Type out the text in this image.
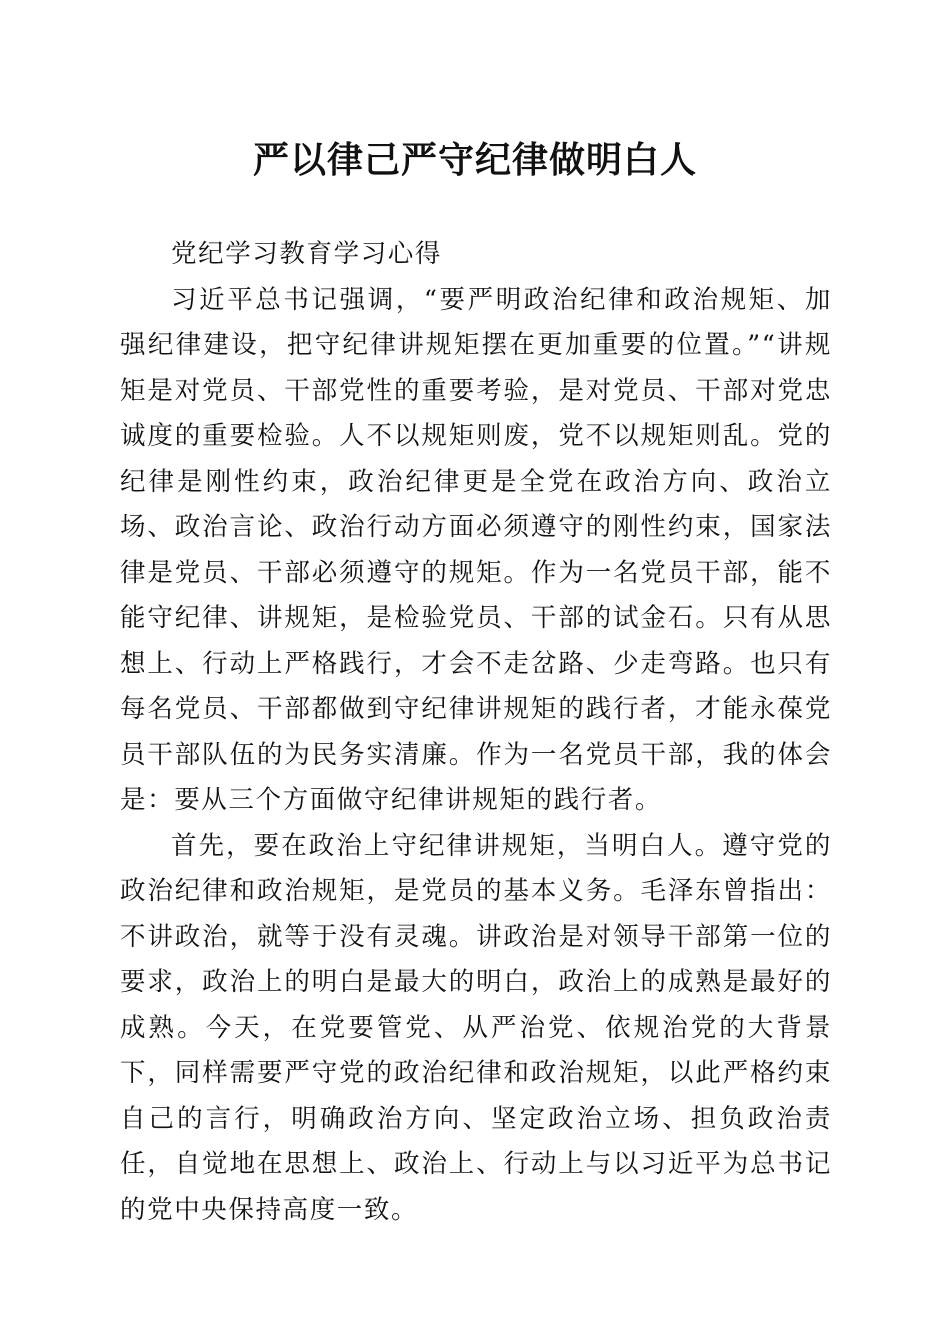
严以律己严守纪律做明白人

党纪学习教育学习心得

习近平总书记强调，“要严明政治纪律和政治规矩、加强纪律建设，把守纪律讲规矩摆在更加重要的位置。”“讲规矩是对党员、干部党性的重要考验，是对党员、干部对党忠诚度的重要检验。人不以规矩则废，党不以规矩则乱。党的纪律是刚性约束，政治纪律更是全党在政治方向、政治立场、政治言论、政治行动方面必须遵守的刚性约束，国家法律是党员、干部必须遵守的规矩。作为一名党员干部，能不能守纪律、讲规矩，是检验党员、干部的试金石。只有从思想上、行动上严格践行，才会不走岔路、少走弯路。也只有每名党员、干部都做到守纪律讲规矩的践行者，才能永葆党员干部队伍的为民务实清廉。作为一名党员干部，我的体会是：要从三个方面做守纪律讲规矩的践行者。

首先，要在政治上守纪律讲规矩，当明白人。遵守党的政治纪律和政治规矩，是党员的基本义务。毛泽东曾指出：不讲政治，就等于没有灵魂。讲政治是对领导干部第一位的要求，政治上的明白是最大的明白，政治上的成熟是最好的成熟。今天，在党要管党、从严治党、依规治党的大背景下，同样需要严守党的政治纪律和政治规矩，以此严格约束自己的言行，明确政治方向、坚定政治立场、担负政治责任，自觉地在思想上、政治上、行动上与以习近平为总书记的党中央保持高度一致。
